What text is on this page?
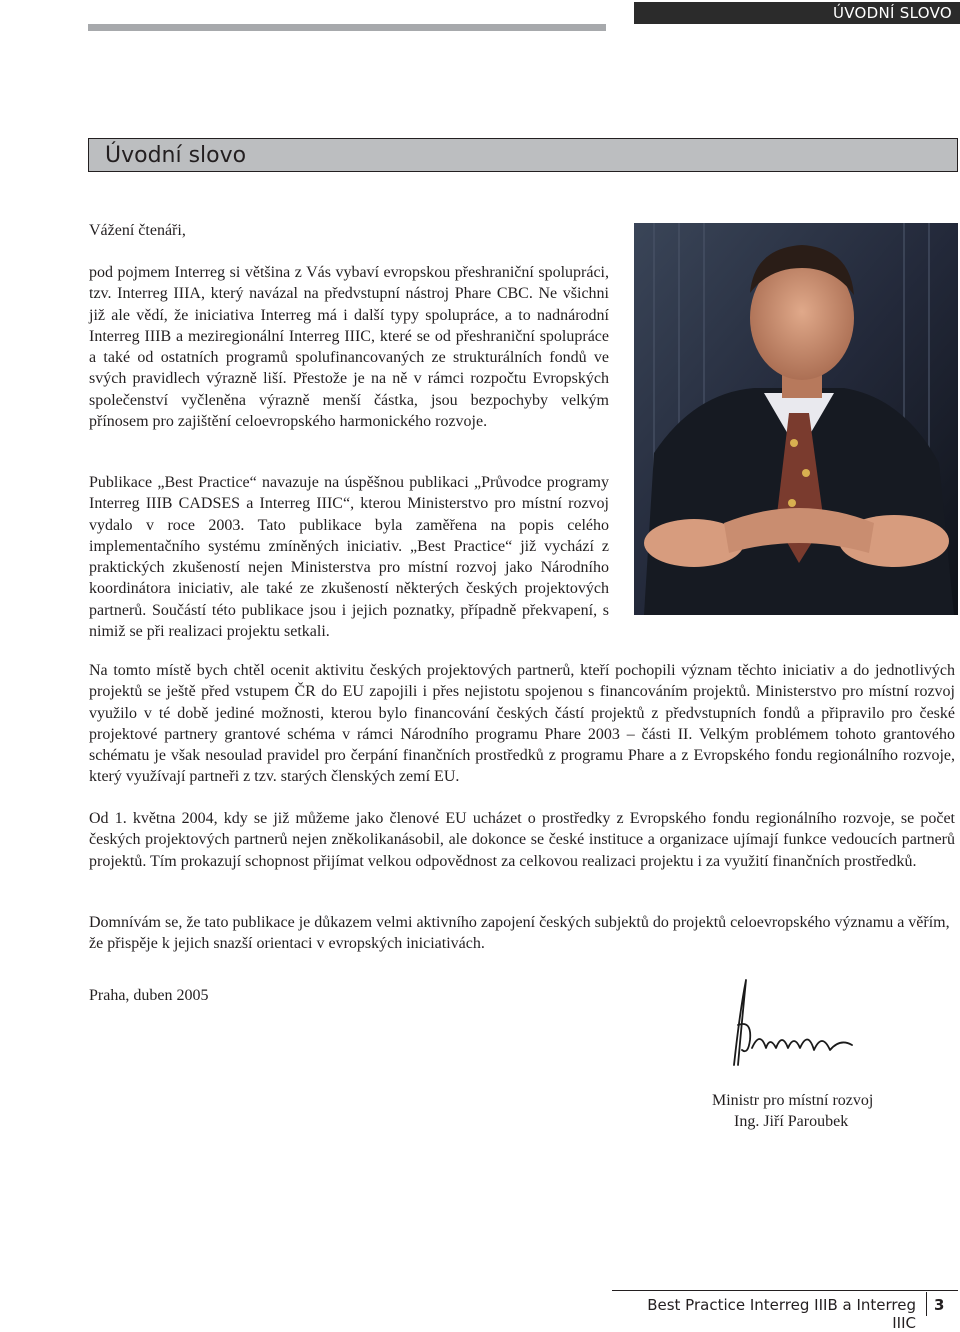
ÚVODNÍ SLOVO
Úvodní slovo

Vážení čtenáři,

pod pojmem Interreg si většina z Vás vybaví evropskou přeshraniční spolupráci, tzv. Interreg IIIA, který navázal na předvstupní nástroj Phare CBC. Ne všichni již ale vědí, že iniciativa Interreg má i další typy spolupráce, a to nadnárodní Interreg IIIB a meziregionální Interreg IIIC, které se od přeshraniční spolupráce a také od ostatních programů spolufinancovaných ze strukturálních fondů ve svých pravidlech výrazně liší. Přestože je na ně v rámci rozpočtu Evropských společenství vyčleněna výrazně menší částka, jsou bezpochyby velkým přínosem pro zajištění celoevropského harmonického rozvoje.

Publikace „Best Practice“ navazuje na úspěšnou publikaci „Průvodce programy Interreg IIIB CADSES a Interreg IIIC“, kterou Ministerstvo pro místní rozvoj vydalo v roce 2003. Tato publikace byla zaměřena na popis celého implementačního systému zmíněných iniciativ. „Best Practice“ již vychází z praktických zkušeností nejen Ministerstva pro místní rozvoj jako Národního koordinátora iniciativ, ale také ze zkušeností některých českých projektových partnerů. Součástí této publikace jsou i jejich poznatky, případně překvapení, s nimiž se při realizaci projektu setkali.

Na tomto místě bych chtěl ocenit aktivitu českých projektových partnerů, kteří pochopili význam těchto iniciativ a do jednotlivých projektů se ještě před vstupem ČR do EU zapojili i přes nejistotu spojenou s financováním projektů. Ministerstvo pro místní rozvoj využilo v té době jediné možnosti, kterou bylo financování českých částí projektů z předvstupních fondů a připravilo pro české projektové partnery grantové schéma v rámci Národního programu Phare 2003 – části II. Velkým problémem tohoto grantového schématu je však nesoulad pravidel pro čerpání finančních prostředků z programu Phare a z Evropského fondu regionálního rozvoje, který využívají partneři z tzv. starých členských zemí EU.

Od 1. května 2004, kdy se již můžeme jako členové EU ucházet o prostředky z Evropského fondu regionálního rozvoje, se počet českých projektových partnerů nejen zněkolikanásobil, ale dokonce se české instituce a organizace ujímají funkce vedoucích partnerů projektů. Tím prokazují schopnost přijímat velkou odpovědnost za celkovou realizaci projektu i za využití finančních prostředků.

Domnívám se, že tato publikace je důkazem velmi aktivního zapojení českých subjektů do projektů celoevropského významu a věřím, že přispěje k jejich snazší orientaci v evropských iniciativách.

Praha, duben 2005

Ministr pro místní rozvoj
Ing. Jiří Paroubek
Best Practice Interreg IIIB a Interreg IIIC
3
